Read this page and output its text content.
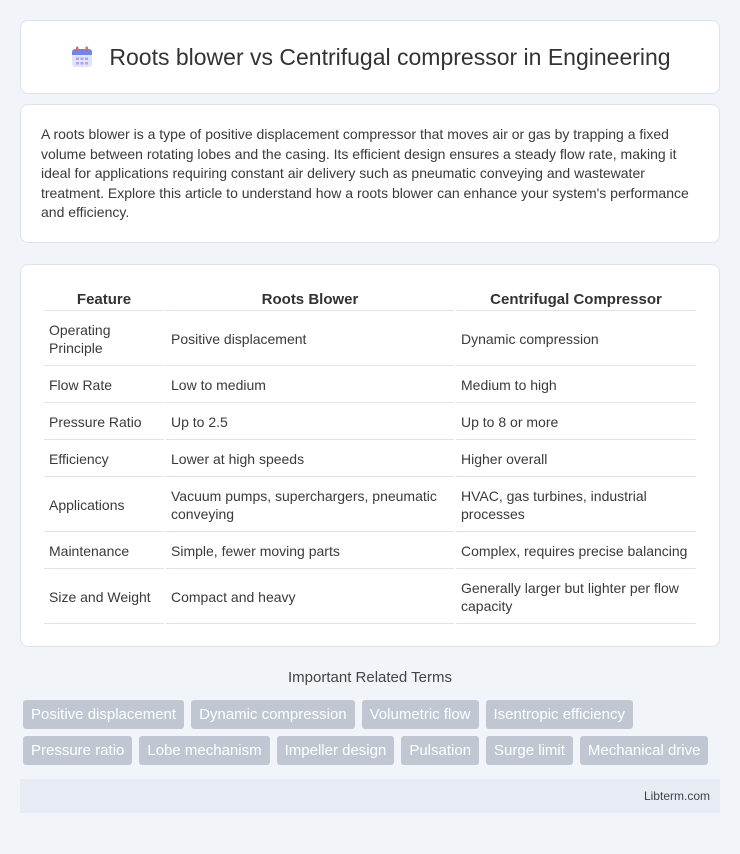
Roots blower vs Centrifugal compressor in Engineering

A roots blower is a type of positive displacement compressor that moves air or gas by trapping a fixed volume between rotating lobes and the casing. Its efficient design ensures a steady flow rate, making it ideal for applications requiring constant air delivery such as pneumatic conveying and wastewater treatment. Explore this article to understand how a roots blower can enhance your system's performance and efficiency.

Feature	Roots Blower	Centrifugal Compressor
Operating Principle	Positive displacement	Dynamic compression
Flow Rate	Low to medium	Medium to high
Pressure Ratio	Up to 2.5	Up to 8 or more
Efficiency	Lower at high speeds	Higher overall
Applications	Vacuum pumps, superchargers, pneumatic conveying	HVAC, gas turbines, industrial processes
Maintenance	Simple, fewer moving parts	Complex, requires precise balancing
Size and Weight	Compact and heavy	Generally larger but lighter per flow capacity
Important Related Terms
Positive displacement	Dynamic compression	Volumetric flow	Isentropic efficiency
Pressure ratio	Lobe mechanism	Impeller design	Pulsation	Surge limit	Mechanical drive
Libterm.com
